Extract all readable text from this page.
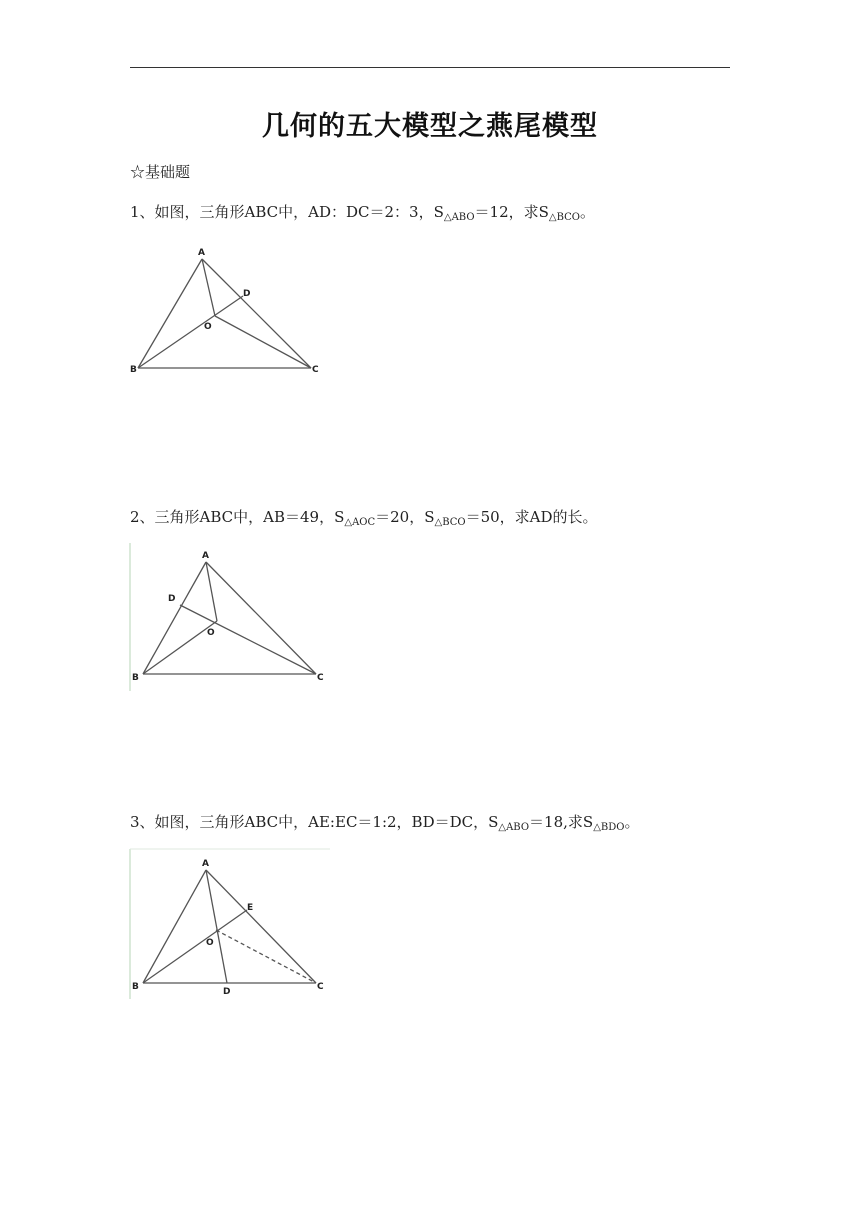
几何的五大模型之燕尾模型
☆基础题
1、如图，三角形ABC中，AD：DC＝2：3，$S_{\triangle ABO}=12$，求$S_{\triangle BCO}$。
A
B	C
D
O
2、三角形ABC中，AB＝49，$S_{\triangle AOC}=20$，$S_{\triangle BCO}=50$，求AD的长。
A
B	C
D
O
3、如图，三角形ABC中，AE:EC＝1:2，BD＝DC，$S_{\triangle ABO}=18$,求$S_{\triangle BDO}$。
A
B	C
D
E
O
